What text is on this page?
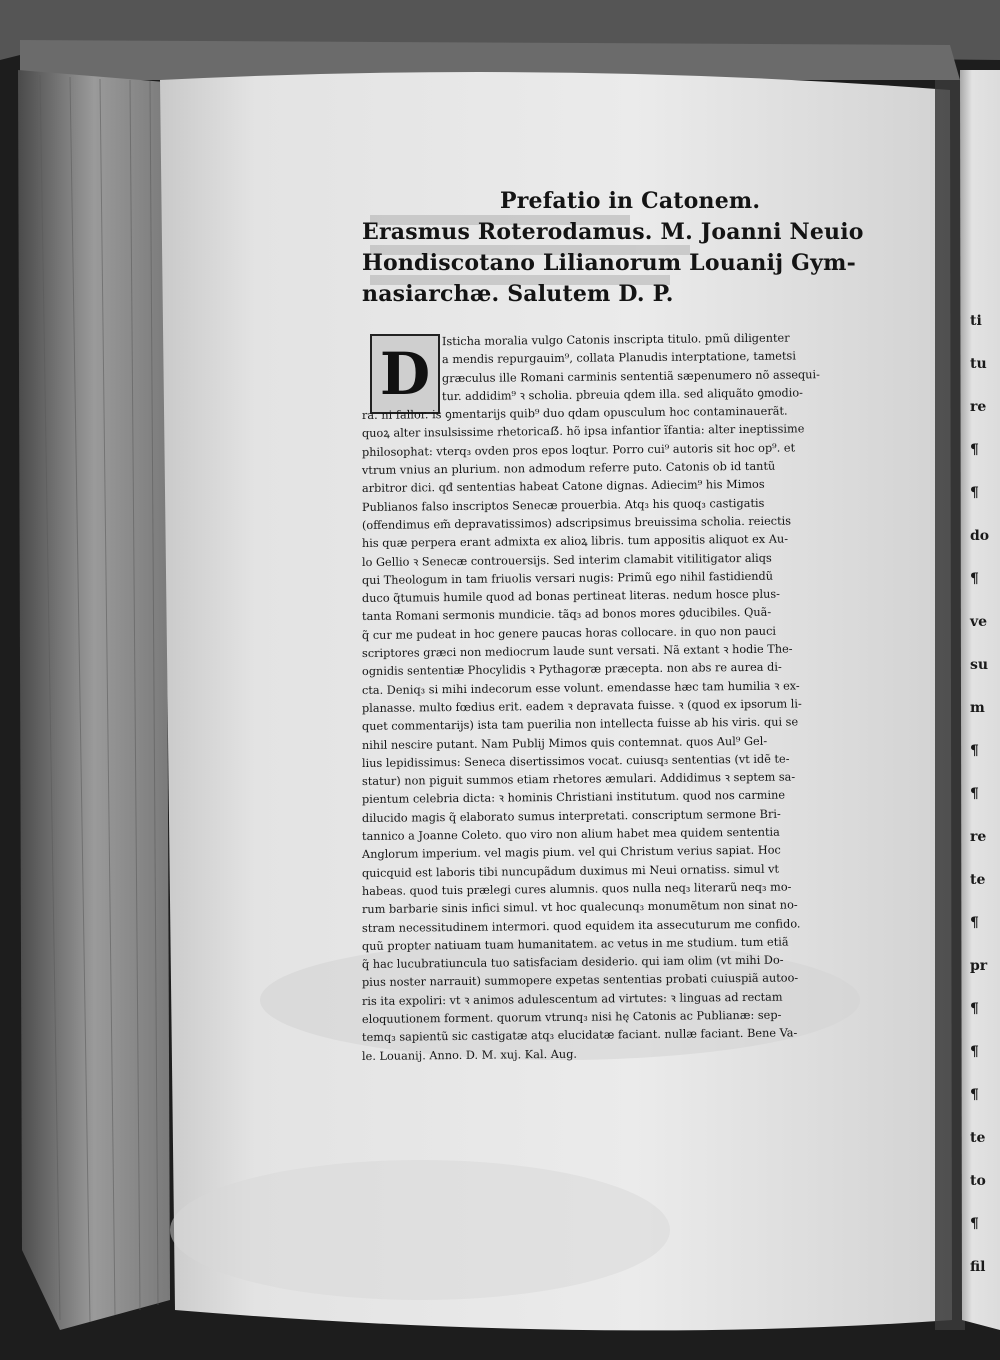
Prefatio in Catonem.
Erasmus Roterodamus. M. Joanni Neuio
Hondiscotano Lilianorum Louanij Gym-
nasiarchæ. Salutem D. P.
D
Isticha moralia vulgo Catonis inscripta titulo. pmũ diligenter
a mendis repurgauim⁹, collata Planudis interptatione, tametsi
græculus ille Romani carminis sententiã sæpenumero nõ assequi-
tur. addidim⁹ ꝛ scholia. pbreuia qdem illa. sed aliquãto ꝯmodio-
ra. ni fallor. is ꝯmentarijs quib⁹ duo qdam opusculum hoc contaminauerãt.
quoꝝ alter insulsissime rhetoricaẞ. hõ ipsa infantior ĩfantia: alter ineptissime
philosophat: vterq₃ ovden pros epos loqtur. Porro cui⁹ autoris sit hoc op⁹. et
vtrum vnius an plurium. non admodum referre puto. Catonis ob id tantũ
arbitror dici. qđ sententias habeat Catone dignas. Adiecim⁹ his Mimos
Publianos falso inscriptos Senecæ prouerbia. Atq₃ his quoq₃ castigatis
(offendimus em̃ depravatissimos) adscripsimus breuissima scholia. reiectis
his quæ perpera erant admixta ex alioꝝ libris. tum appositis aliquot ex Au-
lo Gellio ꝛ Senecæ controuersijs. Sed interim clamabit vitilitigator aliqs
qui Theologum in tam friuolis versari nugis: Primũ ego nihil fastidiendũ
duco q̃tumuis humile quod ad bonas pertineat literas. nedum hosce plus-
tanta Romani sermonis mundicie. tãq₃ ad bonos mores ꝯducibiles. Quã-
q̃ cur me pudeat in hoc genere paucas horas collocare. in quo non pauci
scriptores græci non mediocrum laude sunt versati. Nã extant ꝛ hodie The-
ognidis sententiæ Phocylidis ꝛ Pythagoræ præcepta. non abs re aurea di-
cta. Deniq₃ si mihi indecorum esse volunt. emendasse hæc tam humilia ꝛ ex-
planasse. multo fœdius erit. eadem ꝛ depravata fuisse. ꝛ (quod ex ipsorum li-
quet commentarijs) ista tam puerilia non intellecta fuisse ab his viris. qui se
nihil nescire putant. Nam Publij Mimos quis contemnat. quos Aul⁹ Gel-
lius lepidissimus: Seneca disertissimos vocat. cuiusq₃ sententias (vt idẽ te-
statur) non piguit summos etiam rhetores æmulari. Addidimus ꝛ septem sa-
pientum celebria dicta: ꝛ hominis Christiani institutum. quod nos carmine
dilucido magis q̃ elaborato sumus interpretati. conscriptum sermone Bri-
tannico a Joanne Coleto. quo viro non alium habet mea quidem sententia
Anglorum imperium. vel magis pium. vel qui Christum verius sapiat. Hoc
quicquid est laboris tibi nuncupãdum duximus mi Neui ornatiss. simul vt
habeas. quod tuis prælegi cures alumnis. quos nulla neq₃ literarũ neq₃ mo-
rum barbarie sinis infici simul. vt hoc qualecunq₃ monumẽtum non sinat no-
stram necessitudinem intermori. quod equidem ita assecuturum me confido.
quũ propter natiuam tuam humanitatem. ac vetus in me studium. tum etiã
q̃ hac lucubratiuncula tuo satisfaciam desiderio. qui iam olim (vt mihi Do-
pius noster narrauit) summopere expetas sententias probati cuiuspiã autoo-
ris ita expoliri: vt ꝛ animos adulescentum ad virtutes: ꝛ linguas ad rectam
eloquutionem forment. quorum vtrunq₃ nisi hę Catonis ac Publianæ: sep-
temq₃ sapientũ sic castigatæ atq₃ elucidatæ faciant. nullæ faciant. Bene Va-
le. Louanij. Anno. D. M. xuj. Kal. Aug.
ti
tu
re
¶
¶
do
¶
ve
su
m
¶
¶
re
te
¶
pr
¶
¶
¶
te
to
¶
fil
